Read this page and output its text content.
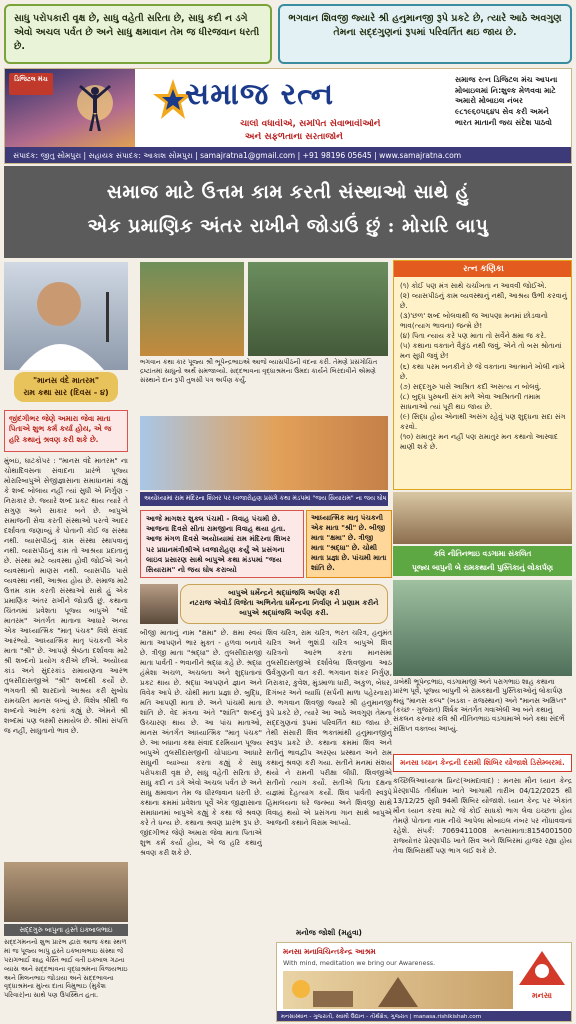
સાધુ પરોપકારી વૃક્ષ છે, સાધુ વહેતી સરિતા છે, સાધુ કદી ન ડગે એવો અચલ પર્વત છે અને સાધુ ક્ષમાવાન તેમ જ ધીરજવાન ધરતી છે.
ભગવાન શિવજી જ્યારે શ્રી હનુમાનજી રૂપે પ્રકટે છે, ત્યારે આઠે અવગુણ તેમના સદ્દગુણનાં રૂપમાં પરિવર્તિત થઇ જાય છે.
ડિજિટલ મંચ	સમાજ રત્ન
ચાલો વધાવીએ, સમર્પિત સેવાભાવીઓને
અને સફળતાના સરતાજોને
સમાજ રત્ન ડિજિટલ મંચ આપના મોબાઇલમાં નિ:શુલ્ક મેળવવા માટે અમારો મોબાઇલ નંબર ૯૮૧૯૬૦૫૬૪૫ સેવ કરી અમને ભારત માતાની જય સંદેશ પાઠવો
સંપાદક: જીતુ સોમપુરા | સહાયક સંપાદક: આકાશ સોમપુરા | samajratna1@gmail.com | +91 98196 05645 | www.samajratna.com
સમાજ માટે ઉત્તમ કામ કરતી સંસ્થાઓ સાથે હું
એક પ્રમાણિક અંતર રાખીને જોડાઉં છું : મોરારિ બાપુ
"માનસ વંદે માતરમ"
રામ કથા સાર (દિવસ - ૪)
જીંદગીભર જેણે અમારા જેવા માતા પિતાએ શુભ કર્મ કર્યા હોય, એ જ હરિ કથાનું શ્રવણ કરી શકે છે.
મુંબઇ, ઘાટકોપર : "માનસ વંદે માતરમ" ના ચોથાદિવસના સંવાદના પ્રારંભે પૂજ્ય મોરારિબાપુએ સેજીજ્ઞાસાના સમાધાનમાં કહ્યું કે શબ્દ બોલાય નહીં ત્યાં સુધી એ નિર્ગુણ - નિરાકાર છે. જ્યારે શબ્દ પ્રકટ થાય ત્યારે તે સગુણ અને સાકાર બને છે. બાપુએ સમાજની સેવા કરતી સંસ્થાઓ પરત્વે આદર દર્શાવતા જણાવ્યું કે પોતાની કોઈ જ સંસ્થા નથી. વ્યાસપીઠનું કામ સંસ્થા સ્થાપવાનું નથી. વ્યાસપીઠનું કામ તો આશ્રયા પ્રદાતાનું છે. સંસ્થા માટે વ્યવસ્થા હોવી જોઈએ અને વ્યવસ્થાનો માણસ નથી. વ્યાસપીઠ પાસે વ્યવસ્થા નથી, આશ્રય હોય છે. સમાજ માટે ઉત્તમ કામ કરતી સંસ્થાઓ સાથે હું એક પ્રમાણિક અંતર રાખીને જોડાઉં છું. કથાના ચિંતનમાં પ્રવેશતા પૂજ્ય બાપુએ "વંદે માતરમ" અંતર્ગત માતાના આધારે અન્ય એક આધ્યાત્મિક "માતૃ પંચક" વિશે સંવાદ આરંભ્યો. આધ્યાત્મિક માતૃ પંચકની એક માતા "શ્રી" છે. આપણે શ્રેષ્ઠતા દર્શાવવા માટે શ્રી શબ્દનો પ્રયોગ કરીએ છીએ. અયોધ્યા કાંડ અને સુંદરકાંડ રામાયણના આરંભ તુલસીદાસજીએ "શ્રી" શબ્દથી કર્યો છે. ભગવતી શ્રી શારદાનો આશ્રય કરી સુબોધ રામચરિત માનસ લખ્યું છે. વિશેષ શ્રીથી જ શબ્દનો આરંભ કરતાં કહ્યું છે. એમને શ્રી શબ્દમાં પણ લક્ષ્મી સમાયેલ છે. શ્રીમાં સંપત્તિ જ નહીં, સાધુતાનો ભાવ છે.
સદ્દગુરુ બાપુના હસ્તે ઇક્બાલભાઇ
સદ્દગમનનો શુભ પ્રારંભ દ્વારા આજ કથા સ્થળ માં જ પૂજ્ય બાપુ હસ્તે ઇક્બાલભાઇ સંસ્થા જે પરાગભાઈ શાહ વેસ્તિ ભાઈ વતી ઇક્બાલ ગઢના વ્યાસ અને સદ્દભાવના વૃદ્ધાશ્રમના વિજયભાઇ અને મિલનભાઇ જોડાયા અને સદ્દભાવના વૃદ્ધાશ્રમના મુખ્ય દાતા વિમુભાઇ (મુકેશ પરિવાર)ના સાથે પણ ઉપસ્થિત હતા.
ભગવાન કથા કાર પૂજ્ય શ્રી ભૂપેન્દ્રભાઇએ આજે વ્યાસપીઠની વંદના કરી. તેમણે પ્રસંગોચિત દ્રષ્ટાંતમાં સાધુનો અર્થ સમજાવ્યો. સદ્દભાવના વૃદ્ધાશ્રમના ઉમદા કાર્યને બિરદાવીને એમણે સંસ્થાને દાન રૂપી તુલસી પત્ર અર્પણ કર્યું.
અયોધ્યામાં રામ મંદિરના શિખર પર ધ્વજારોહણ પ્રસંગે કથા મંડપમાં "જય સિયારામ" ના જય ઘોષ
આજે માગશર શુક્લ પંચમી - વિવાહ પંચમી છે. આજના દિવસે સીતા રામજીના વિવાહ થયા હતા. આજ મંગળ દિવસે અયોધ્યામાં રામ મંદિરના શિખર પર પ્રધાનમંત્રીશ્રીએ ધ્વજારોહણ કર્યું એ પ્રસંગના લાઇવ પ્રસારણ સાથે બાપુએ કથા મંડપમાં "જય સિયારામ" નો જય ઘોષ કરાવ્યો
આધ્યાત્મિક માતૃ પંચકની એક માતા "શ્રી" છે. બીજી માતા "ક્ષમા" છે. ત્રીજી માતા "શ્રદ્ધા" છે. ચોથી માતા પ્રજ્ઞા છે. પાંચમી માતા શાંતિ છે.
બાપુએ ધર્મેન્દ્રને શ્રદ્ધાંજલિ અર્પણ કરી
નટરાજ એવોર્ડ વિજેતા અભિનેતા ધર્મેન્દ્રના નિર્વાણ ને પ્રણામ કરીને બાપુએ શ્રદ્ધાંજલિ અર્પણ કરી.
બીજી માતાનું નામ "ક્ષમા" છે. ક્ષમા સ્વયં માતા આપણને ભાર મુક્ત - હળવા બનાવે છે. ત્રીજી માતા "શ્રદ્ધા" છે. તુલસીદાસજી માતા પાર્વતી - ભવાનીને શ્રદ્ધા કહે છે. શ્રદ્ધા હંમેશા અચળ, અચલતા અને શુદ્ધતાનાં પ્રકટ થાય છે. શ્રદ્ધા આપણને જ્ઞાન અને વિવેક આપે છે. ચોથી માતા પ્રજ્ઞા છે. બુદ્ધિ, મતિ આપણી માતા છે. અને પાંચમી માતા શાંતિ છે. વેદ મંત્રના અંતે "શાંતિ" શબ્દનું ઉચ્ચારણ થાય છે. આ પાંચ માતાઓ, માનસ અંતર્ગત આધ્યાત્મિક "માતૃ પંચક" છે. આ બધાના કથા સંવાદ દરમિયાન પૂજ્ય બાપુએ તુલસીદાસજીની ચોપાઇના આધારે સાધુની વ્યાખ્યા કરતા કહ્યું કે સાધુ પરોપકારી વૃક્ષ છે, સાધુ વહેતી સરિતા છે, સાધુ કદી ન ડગે એવો અચલ પર્વત છે અને સાધુ ક્ષમાવાન તેમ જ ધીરજવાન ધરતી છે. કથાના ક્રમમાં પ્રવેશતા પૂર્વે એક જીજ્ઞાસાના સમાધાનમાં બાપુએ કહ્યું કે કથા જે શ્રવણ કરે તે ધન્ય છે. કથાના શ્રવણ પ્રારંભ રૂપ છે. જીંદગીભર જેણે અમારા જેવા માતા પિતાએ શુભ કર્મ કર્યા હોય, એ જ હરિ કથાનું શ્રવણ કરી શકે છે.
શિવ ચરિત્ર, રામ ચરિત્ર, ભરત ચરિત્ર, હનુમંત ચરિત્ર અને ભુશંડી ચરિત્ર બાપુએ શિવ ચરિત્રનો આરંભ કરતા માનસમાં તુલસીદાસજીએ દર્શાવેલા શિવજીના આઠ ઉર્વગુણની વાત કરી. ભગવાન શંકર નિર્ગુણ, નિરાકાર, કુવેશ, મુંડમાળા ધારી, અકુળ, બેઘર, દિગંબર અને વ્યાધિ (સર્પની માળા પહેરનારા) છે. ભગવાન શિવજી જ્યારે શ્રી હનુમાનજી રૂપે પ્રકટે છે, ત્યારે આ આઠે અવગુણ તેમના સદ્દગુણનાં રૂપમાં પરિવર્તિત થઇ જાય છે. તેથી સંસારી શિવ ભક્તમાંથી હનુમાનજીનું સ્વરૂપ પ્રકટે છે. કથાના ક્રમમાં શિવ અને સતીનું ભાવદ્વીપ અરણ્ય પ્રસ્થાન અને રામ કથાનું શ્રવણ કરી ગયા. સતીને મનમાં સંશય થયો ને રામની પરીક્ષા લીધી. શિવજીએ સતીનો ત્યાગ કર્યો. સતીએ પિતા દક્ષના યજ્ઞમાં દેહત્યાગ કર્યો. શિવ પાર્વતી સ્વરૂપે હિમાલયના ઘરે જન્મ્યા અને શિવજી સાથે વિવાહ થયો એ પ્રસંગના ગાન સાથે બાપુએ આજની કથાને વિરામ આપ્યો.
મનોજ જોશી (મહુવા)
રત્ન કણિકા
(૧) કોઈ પણ મંત્ર સાથે ચર્ચાખતા ન આવવી જોઈએ.
(૨) વ્યાસપીઠનું કામ વ્યવસ્થાનું નથી, આશ્રય ઉભી કરવાનું છે.
(૩)'છળ' શબ્દ બોલવાથી જ આપણા મનમાં છોડવાનો ભાવ(ત્યાગ ભાવના) જન્મે છે!
(૪) પિતા ન્યાય કરે પણ માતા તો સર્વેને ક્ષમા જ કરે.
(૫) કથાના વક્તાને વૈકુંઠ નથી જવું, એને તો બસ શ્રોતાનાં મન સુધી જવું છે!
(૬) કથા પરમ બનકીને છે જે વક્તાના આત્માને ખોલી નાખે છે.
(૭) સદ્દગુરુ પાસે આશ્રિત કદી અસત્ય ન બોલવું.
(૮) બુદ્ધ પુરુષની સંગ મળે એવા આશ્રિતની તમામ સાધનાઓ ત્યાં પૂરી થઇ જાય છે.
(૯) સિદ્ધ હોય એનાથી અસંગ રહેવું પણ શુદ્ધના સદા સંગ કરવો.
(૧૦) રામાતુર મન નહીં પણ રામાતુર મન કથાનો આસ્વાદ માણી શકે છે.
કવિ નીતિનભાઇ વડગામા સંકલિત
પૂજ્ય બાપુની બે રામકથાની પુસ્તિકાનું લોકાર્પણ
ડાબેથી ભૂપેન્દ્રભાઇ, વડગામાજી અને પરાગભાઇ શાહ કથાના પ્રારંભ પૂર્વે, પૂજ્ય બાપુની બે રામકથાની પુસ્તિકાઓનું લોકાર્પણ થયું "માનસ કલ્પ" (ખડકા - રાજસ્થાન) અને "માનસ અક્ષિપ્ત" (કચ્છ - ગુજરાત) શિર્ષક અંતર્ગત ગવાએલી આ બંને કથાનું સંકલન કરનાર કવિ શ્રી નીતિનભાઇ વડગામાએ બંને કથા સંદર્ભે સંક્ષિપ્ત વક્તવ્ય આપ્યું.
મનસા ધ્યાન કેન્દ્રની દસમી શિબિર યોજાશે ડિસેમ્બરમાં.
કચ્છિલિઆધ્યાત્મ પ્રિન્ટ(અમદાવાદ) : મનસા મૌન ધ્યાન કેન્દ્ર પ્રેરણાપીઠ તીર્થધામ ખાતે આગામી તારીખ 04/12/2025 થી 13/12/25 સુધી 94મી શિબિર યોજાશે. ધ્યાન કેન્દ્ર પર એકાંત મૌન ધ્યાન કરવા માટે જે કોઈ સાધકો ભાગ લેવા ઇચ્છતા હોય તેમણે પોતાના નામ નીચે આપેલા મોબાઇલ નંબર પર નોંધાવવાનાં રહેશે. સંપર્ક: 7069411008 મનસામાતા:8154001500 રાજ્યોત્તર પ્રેરણાપીઠ ખાતે સિવ અને શિબિરમાં હાજર રહ્યા હોય તેવા શિબિરાર્થી પણ ભાગ લઈ શકે છે.
મનસા મનાવિચિન્તકેન્દ્ર આશ્રમ
With mind, meditation we bring our Awareness.
મનસા
મનસાસ્થાન - ગુજરાતી, સ્વામી ઉદ્યાન - તીર્થક્ષેત્ર, ગુજરાત | manasa.rishikishah.com
